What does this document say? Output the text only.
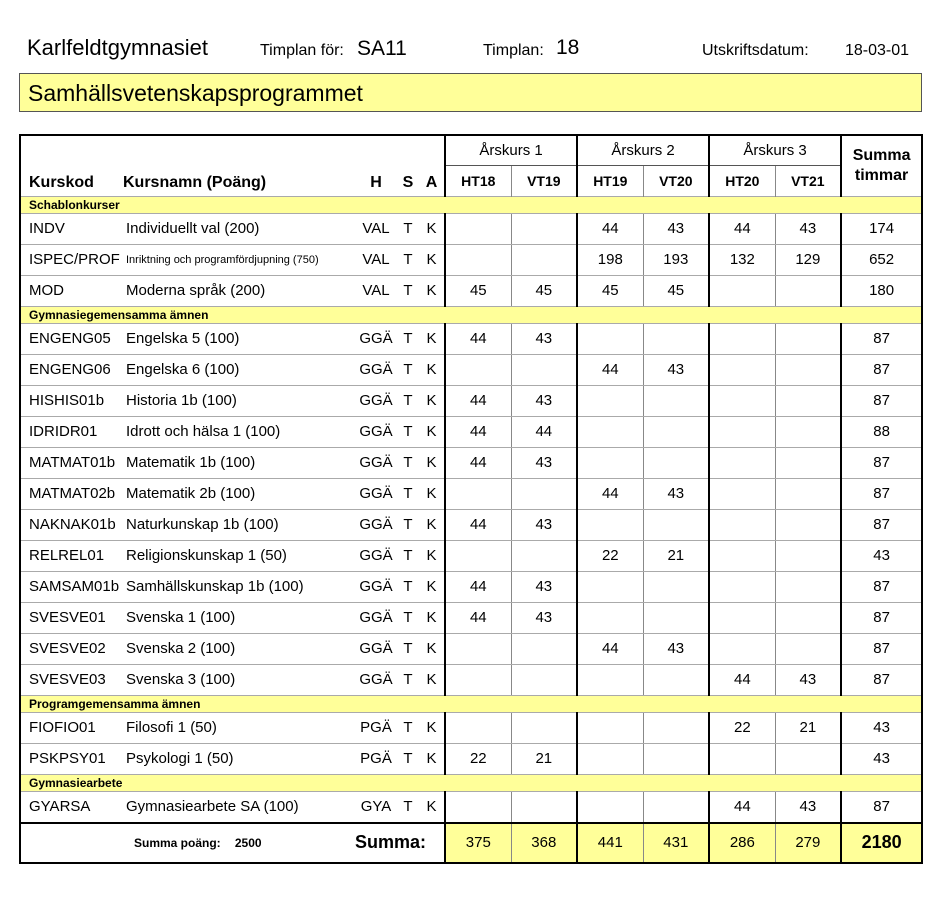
Karlfeldtgymnasiet	Timplan för: SA11	Timplan: 18	Utskriftsdatum: 18-03-01
Samhällsvetenskapsprogrammet
					Årskurs 1		Årskurs 2		Årskurs 3		Summa
timmar
Kurskod	Kursnamn (Poäng)	H	S	A	HT18	VT19	HT19	VT20	HT20	VT21	
Schablonkurser											
INDV	Individuellt val (200)	VAL	T	K			44	43	44	43	174
ISPEC/PROF	Inriktning och programfördjupning (750)	VAL	T	K			198	193	132	129	652
MOD	Moderna språk (200)	VAL	T	K	45	45	45	45			180
Gymnasiegemensamma ämnen											
ENGENG05	Engelska 5 (100)	GGÄ	T	K	44	43					87
ENGENG06	Engelska 6 (100)	GGÄ	T	K			44	43			87
HISHIS01b	Historia 1b (100)	GGÄ	T	K	44	43					87
IDRIDR01	Idrott och hälsa 1 (100)	GGÄ	T	K	44	44					88
MATMAT01b	Matematik 1b (100)	GGÄ	T	K	44	43					87
MATMAT02b	Matematik 2b (100)	GGÄ	T	K			44	43			87
NAKNAK01b	Naturkunskap 1b (100)	GGÄ	T	K	44	43					87
RELREL01	Religionskunskap 1 (50)	GGÄ	T	K			22	21			43
SAMSAM01b	Samhällskunskap 1b (100)	GGÄ	T	K	44	43					87
SVESVE01	Svenska 1 (100)	GGÄ	T	K	44	43					87
SVESVE02	Svenska 2 (100)	GGÄ	T	K			44	43			87
SVESVE03	Svenska 3 (100)	GGÄ	T	K					44	43	87
Programgemensamma ämnen											
FIOFIO01	Filosofi 1 (50)	PGÄ	T	K					22	21	43
PSKPSY01	Psykologi 1 (50)	PGÄ	T	K	22	21					43
Gymnasiearbete											
GYARSA	Gymnasiearbete SA (100)	GYA	T	K					44	43	87
Summa poäng: 2500		Summa:			375	368	441	431	286	279	2180
